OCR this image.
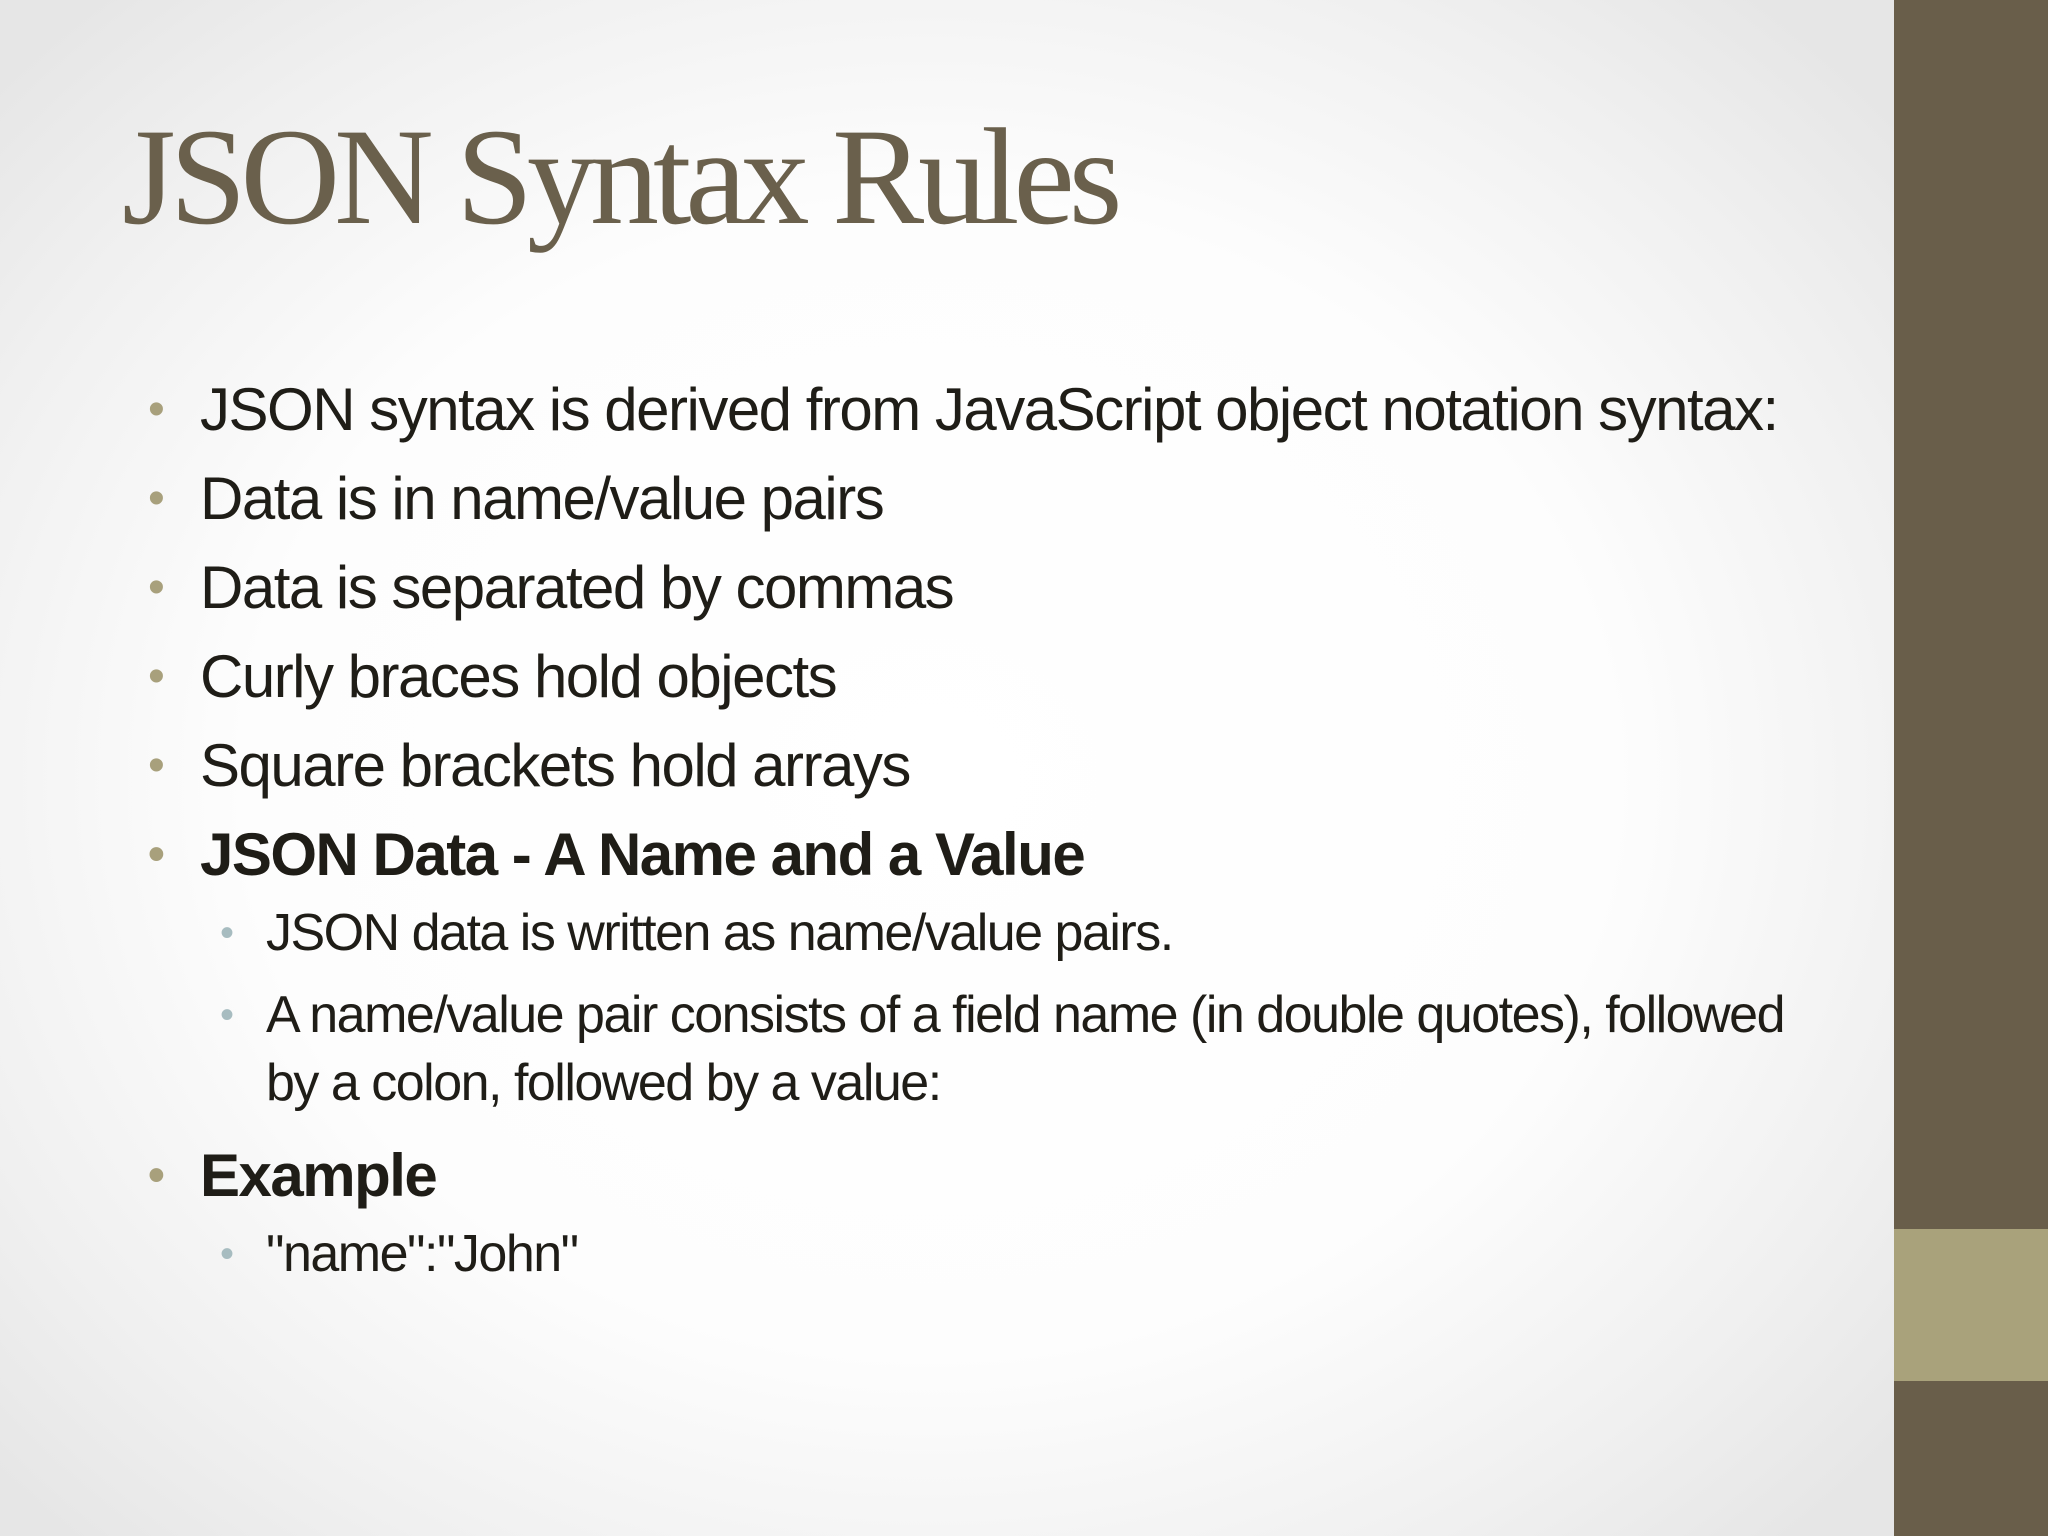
JSON Syntax Rules
• JSON syntax is derived from JavaScript object notation syntax:
• Data is in name/value pairs
• Data is separated by commas
• Curly braces hold objects
• Square brackets hold arrays
• JSON Data - A Name and a Value
• JSON data is written as name/value pairs.
• A name/value pair consists of a field name (in double quotes), followed by a colon, followed by a value:
• Example
• "name":"John"
